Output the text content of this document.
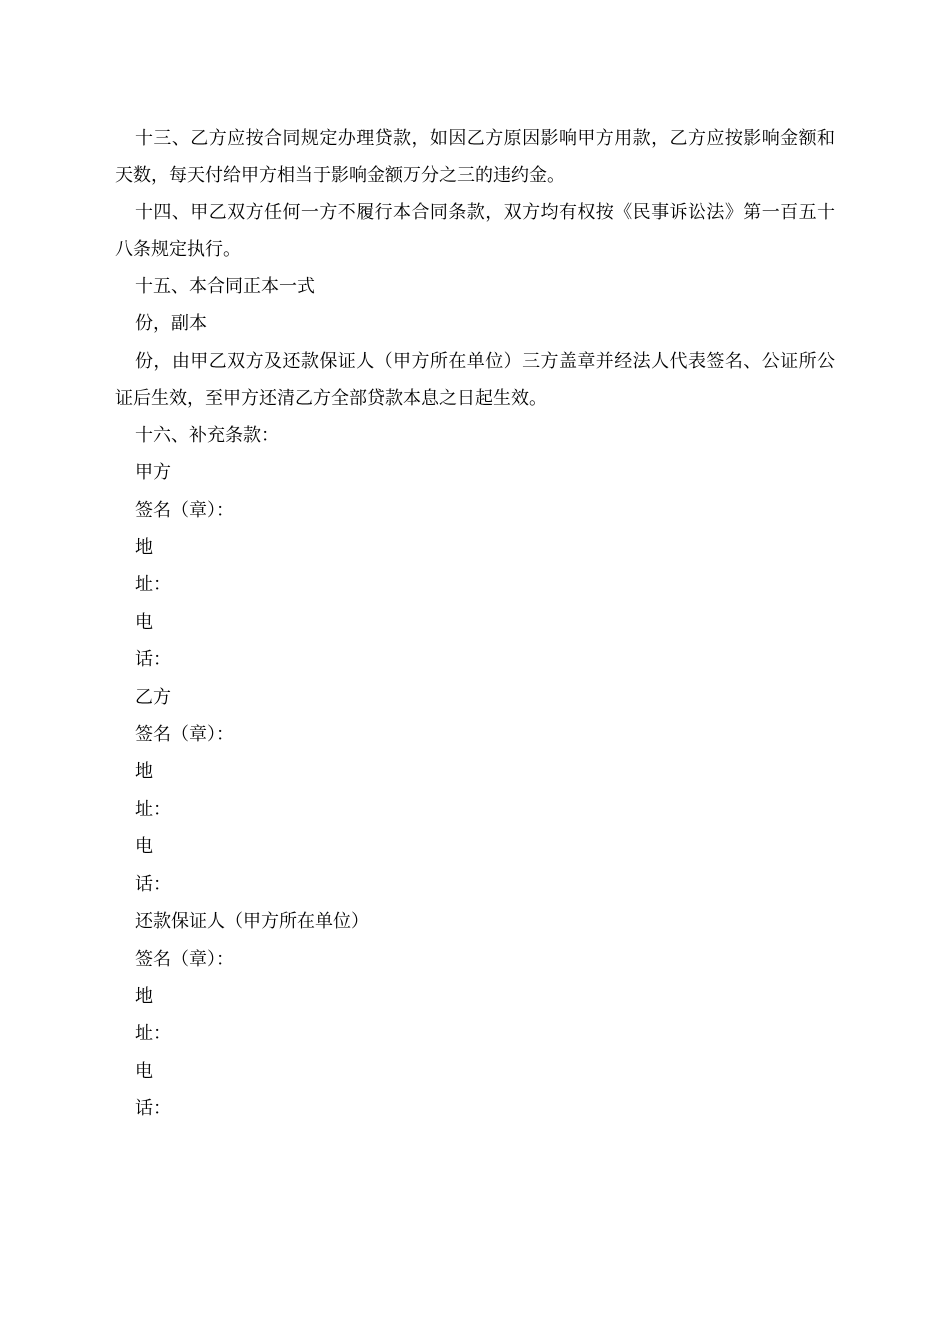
十三、乙方应按合同规定办理贷款，如因乙方原因影响甲方用款，乙方应按影响金额和天数，每天付给甲方相当于影响金额万分之三的违约金。

十四、甲乙双方任何一方不履行本合同条款，双方均有权按《民事诉讼法》第一百五十八条规定执行。

十五、本合同正本一式

份，副本

份，由甲乙双方及还款保证人（甲方所在单位）三方盖章并经法人代表签名、公证所公证后生效，至甲方还清乙方全部贷款本息之日起生效。

十六、补充条款：

甲方

签名（章）：

地

址：

电

话：

乙方

签名（章）：

地

址：

电

话：

还款保证人（甲方所在单位）

签名（章）：

地

址：

电

话：
